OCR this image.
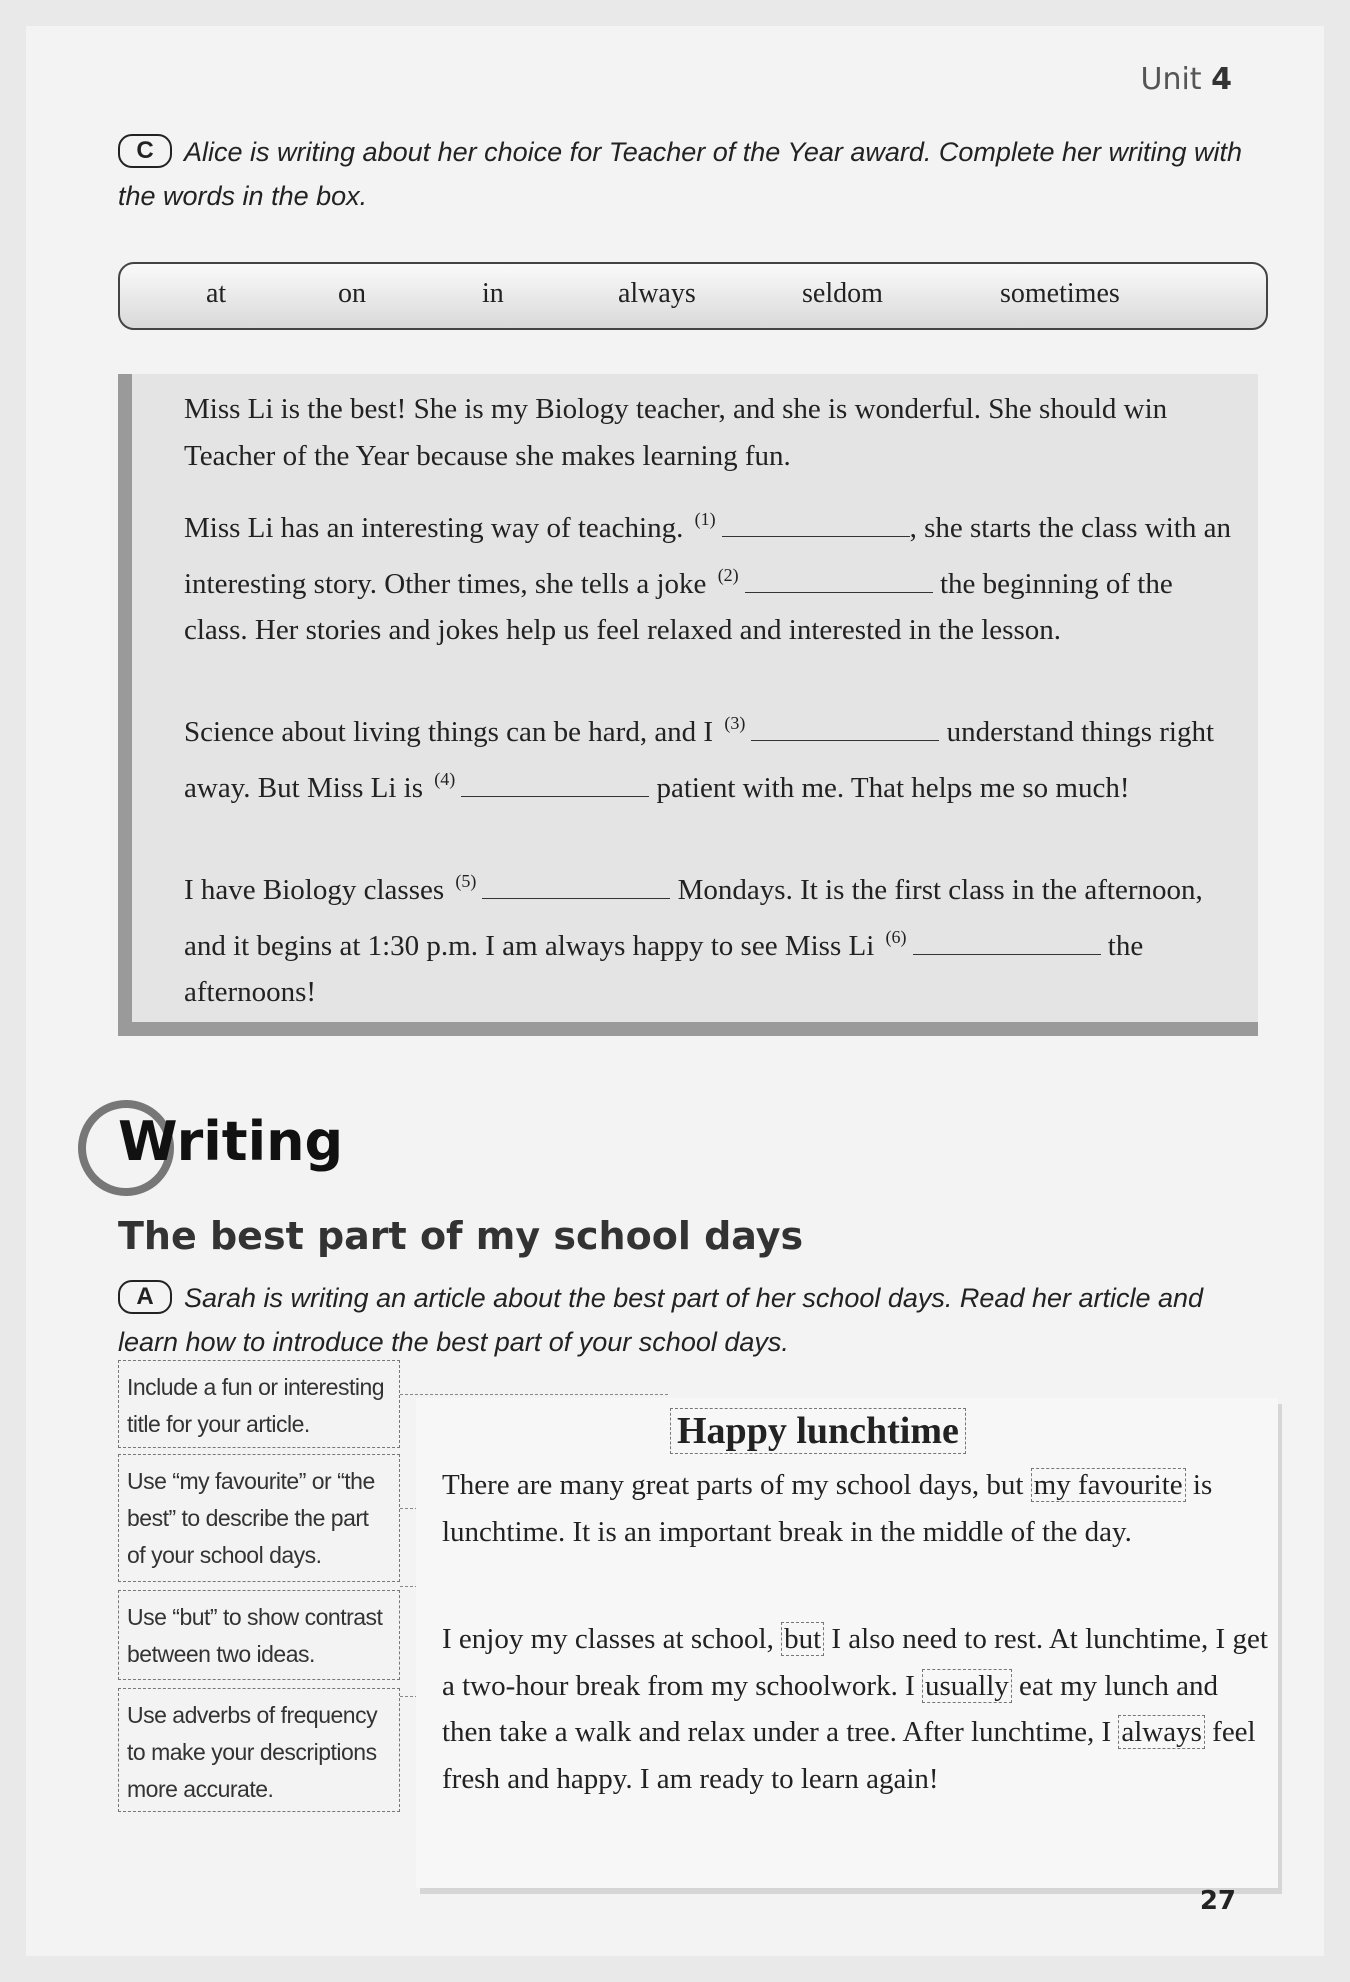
Unit 4
C Alice is writing about her choice for Teacher of the Year award. Complete her writing with the words in the box.
at	on	in	always	seldom	sometimes
Miss Li is the best! She is my Biology teacher, and she is wonderful. She should win Teacher of the Year because she makes learning fun.
Miss Li has an interesting way of teaching. $^{(1)}$	, she starts the class with an interesting story. Other times, she tells a joke $^{(2)}$	the beginning of the class. Her stories and jokes help us feel relaxed and interested in the lesson.
Science about living things can be hard, and I $^{(3)}$	understand things right away. But Miss Li is $^{(4)}$	patient with me. That helps me so much!
I have Biology classes $^{(5)}$	Mondays. It is the first class in the afternoon, and it begins at 1:30 p.m. I am always happy to see Miss Li $^{(6)}$	the afternoons!
Writing
The best part of my school days
A Sarah is writing an article about the best part of her school days. Read her article and learn how to introduce the best part of your school days.
Include a fun or interesting title for your article.
Use “my favourite” or “the best” to describe the part of your school days.
Use “but” to show contrast between two ideas.
Use adverbs of frequency to make your descriptions more accurate.
Happy lunchtime
There are many great parts of my school days, but my favourite is lunchtime. It is an important break in the middle of the day.
I enjoy my classes at school, but I also need to rest. At lunchtime, I get a two-hour break from my schoolwork. I usually eat my lunch and then take a walk and relax under a tree. After lunchtime, I always feel fresh and happy. I am ready to learn again!
27
